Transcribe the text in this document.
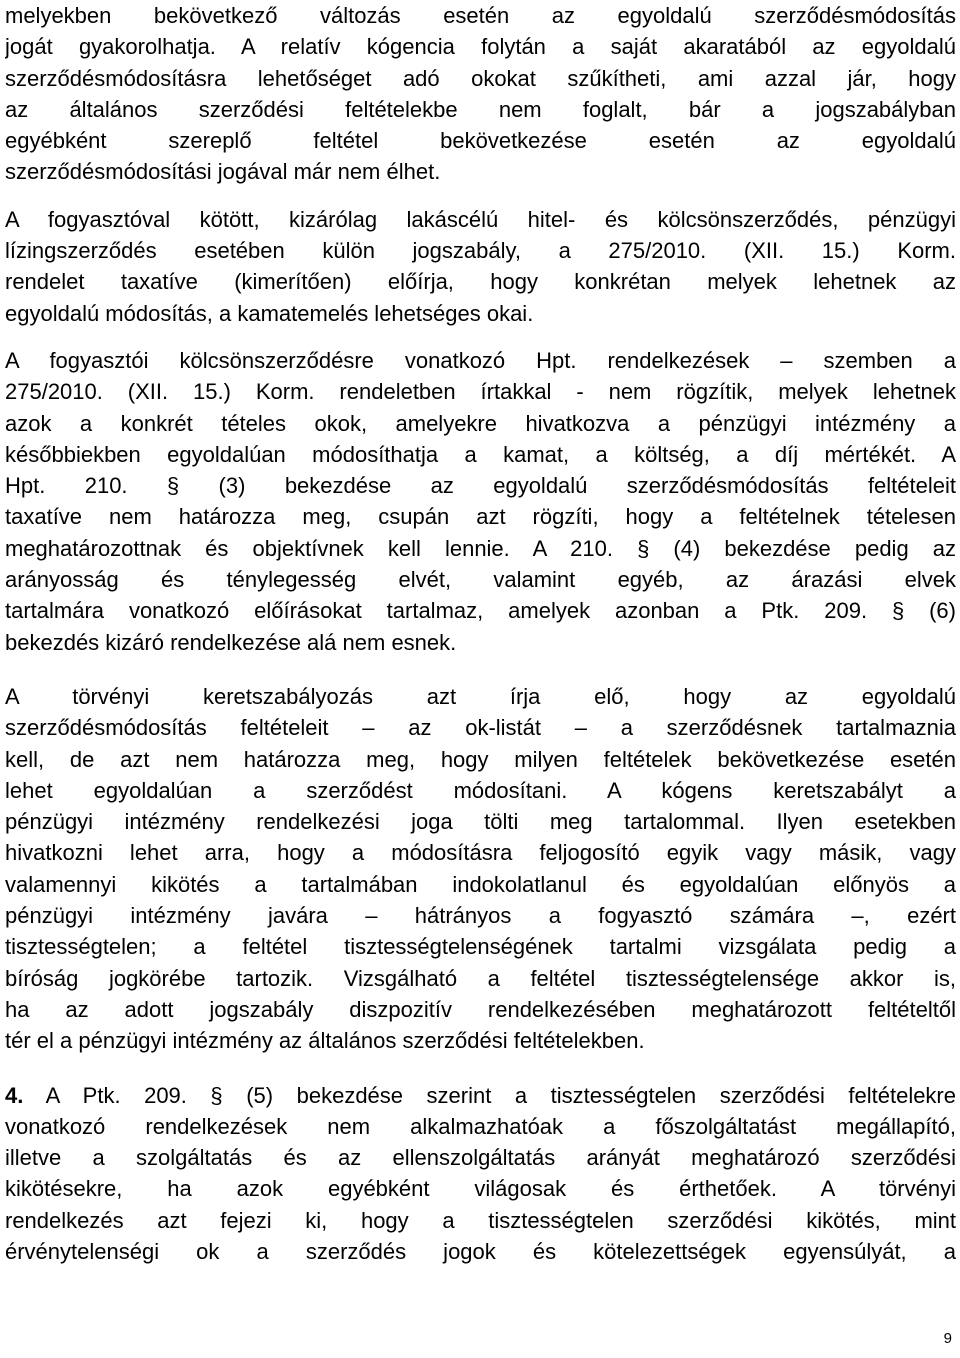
melyekben bekövetkező változás esetén az egyoldalú szerződésmódosítás
jogát gyakorolhatja. A relatív kógencia folytán a saját akaratából az egyoldalú
szerződésmódosításra lehetőséget adó okokat szűkítheti, ami azzal jár, hogy
az általános szerződési feltételekbe nem foglalt, bár a jogszabályban
egyébként szereplő feltétel bekövetkezése esetén az egyoldalú
szerződésmódosítási jogával már nem élhet.
A fogyasztóval kötött, kizárólag lakáscélú hitel- és kölcsönszerződés, pénzügyi
lízingszerződés esetében külön jogszabály, a 275/2010. (XII. 15.) Korm.
rendelet taxatíve (kimerítően) előírja, hogy konkrétan melyek lehetnek az
egyoldalú módosítás, a kamatemelés lehetséges okai.
A fogyasztói kölcsönszerződésre vonatkozó Hpt. rendelkezések – szemben a
275/2010. (XII. 15.) Korm. rendeletben írtakkal - nem rögzítik, melyek lehetnek
azok a konkrét tételes okok, amelyekre hivatkozva a pénzügyi intézmény a
későbbiekben egyoldalúan módosíthatja a kamat, a költség, a díj mértékét. A
Hpt. 210. § (3) bekezdése az egyoldalú szerződésmódosítás feltételeit
taxatíve nem határozza meg, csupán azt rögzíti, hogy a feltételnek tételesen
meghatározottnak és objektívnek kell lennie. A 210. § (4) bekezdése pedig az
arányosság és ténylegesség elvét, valamint egyéb, az árazási elvek
tartalmára vonatkozó előírásokat tartalmaz, amelyek azonban a Ptk. 209. § (6)
bekezdés kizáró rendelkezése alá nem esnek.
A törvényi keretszabályozás azt írja elő, hogy az egyoldalú
szerződésmódosítás feltételeit – az ok-listát – a szerződésnek tartalmaznia
kell, de azt nem határozza meg, hogy milyen feltételek bekövetkezése esetén
lehet egyoldalúan a szerződést módosítani. A kógens keretszabályt a
pénzügyi intézmény rendelkezési joga tölti meg tartalommal. Ilyen esetekben
hivatkozni lehet arra, hogy a módosításra feljogosító egyik vagy másik, vagy
valamennyi kikötés a tartalmában indokolatlanul és egyoldalúan előnyös a
pénzügyi intézmény javára – hátrányos a fogyasztó számára –, ezért
tisztességtelen; a feltétel tisztességtelenségének tartalmi vizsgálata pedig a
bíróság jogkörébe tartozik. Vizsgálható a feltétel tisztességtelensége akkor is,
ha az adott jogszabály diszpozitív rendelkezésében meghatározott feltételtől
tér el a pénzügyi intézmény az általános szerződési feltételekben.
4. A Ptk. 209. § (5) bekezdése szerint a tisztességtelen szerződési feltételekre
vonatkozó rendelkezések nem alkalmazhatóak a főszolgáltatást megállapító,
illetve a szolgáltatás és az ellenszolgáltatás arányát meghatározó szerződési
kikötésekre, ha azok egyébként világosak és érthetőek. A törvényi
rendelkezés azt fejezi ki, hogy a tisztességtelen szerződési kikötés, mint
érvénytelenségi ok a szerződés jogok és kötelezettségek egyensúlyát, a
9
